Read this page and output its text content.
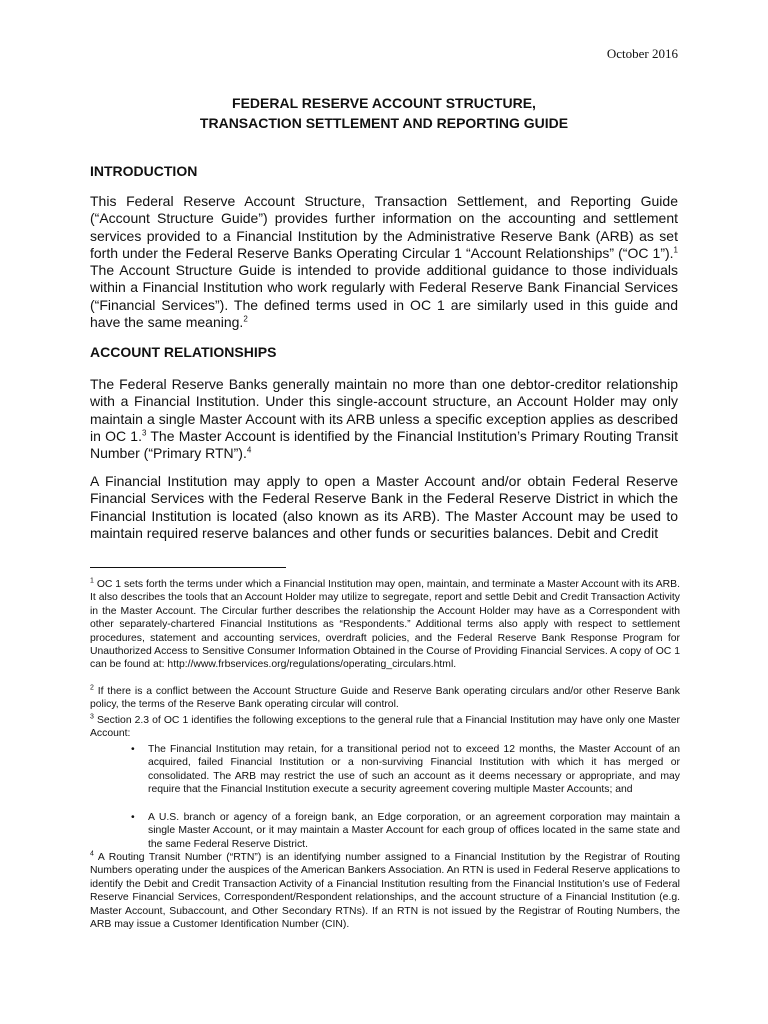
October 2016
FEDERAL RESERVE ACCOUNT STRUCTURE,
TRANSACTION SETTLEMENT AND REPORTING GUIDE
INTRODUCTION
This Federal Reserve Account Structure, Transaction Settlement, and Reporting Guide (“Account Structure Guide”) provides further information on the accounting and settlement services provided to a Financial Institution by the Administrative Reserve Bank (ARB) as set forth under the Federal Reserve Banks Operating Circular 1 “Account Relationships” (“OC 1”).$^1$ The Account Structure Guide is intended to provide additional guidance to those individuals within a Financial Institution who work regularly with Federal Reserve Bank Financial Services (“Financial Services”). The defined terms used in OC 1 are similarly used in this guide and have the same meaning.$^2$
ACCOUNT RELATIONSHIPS
The Federal Reserve Banks generally maintain no more than one debtor-creditor relationship with a Financial Institution. Under this single-account structure, an Account Holder may only maintain a single Master Account with its ARB unless a specific exception applies as described in OC 1.$^3$ The Master Account is identified by the Financial Institution’s Primary Routing Transit Number (“Primary RTN”).$^4$
A Financial Institution may apply to open a Master Account and/or obtain Federal Reserve Financial Services with the Federal Reserve Bank in the Federal Reserve District in which the Financial Institution is located (also known as its ARB). The Master Account may be used to maintain required reserve balances and other funds or securities balances. Debit and Credit
$^1$ OC 1 sets forth the terms under which a Financial Institution may open, maintain, and terminate a Master Account with its ARB. It also describes the tools that an Account Holder may utilize to segregate, report and settle Debit and Credit Transaction Activity in the Master Account. The Circular further describes the relationship the Account Holder may have as a Correspondent with other separately-chartered Financial Institutions as “Respondents.” Additional terms also apply with respect to settlement procedures, statement and accounting services, overdraft policies, and the Federal Reserve Bank Response Program for Unauthorized Access to Sensitive Consumer Information Obtained in the Course of Providing Financial Services. A copy of OC 1 can be found at: http://www.frbservices.org/regulations/operating_circulars.html.
$^2$ If there is a conflict between the Account Structure Guide and Reserve Bank operating circulars and/or other Reserve Bank policy, the terms of the Reserve Bank operating circular will control.
$^3$ Section 2.3 of OC 1 identifies the following exceptions to the general rule that a Financial Institution may have only one Master Account:
• The Financial Institution may retain, for a transitional period not to exceed 12 months, the Master Account of an acquired, failed Financial Institution or a non-surviving Financial Institution with which it has merged or consolidated. The ARB may restrict the use of such an account as it deems necessary or appropriate, and may require that the Financial Institution execute a security agreement covering multiple Master Accounts; and
• A U.S. branch or agency of a foreign bank, an Edge corporation, or an agreement corporation may maintain a single Master Account, or it may maintain a Master Account for each group of offices located in the same state and the same Federal Reserve District.
$^4$ A Routing Transit Number (“RTN”) is an identifying number assigned to a Financial Institution by the Registrar of Routing Numbers operating under the auspices of the American Bankers Association. An RTN is used in Federal Reserve applications to identify the Debit and Credit Transaction Activity of a Financial Institution resulting from the Financial Institution’s use of Federal Reserve Financial Services, Correspondent/Respondent relationships, and the account structure of a Financial Institution (e.g. Master Account, Subaccount, and Other Secondary RTNs). If an RTN is not issued by the Registrar of Routing Numbers, the ARB may issue a Customer Identification Number (CIN).
